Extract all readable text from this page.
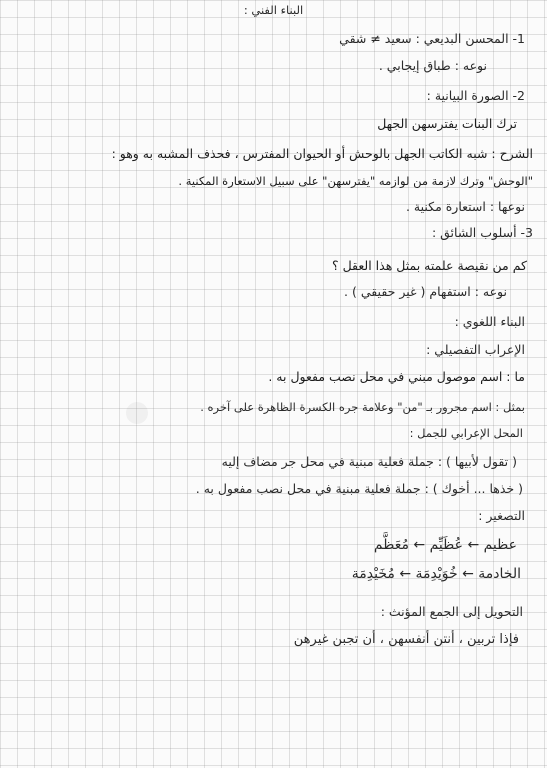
البناء الفني :
1- المحسن البديعي : سعيد ≠ شقي
نوعه : طباق إيجابي .
2- الصورة البيانية :
ترك البنات يفترسهن الجهل
الشرح : شبه الكاتب الجهل بالوحش أو الحيوان المفترس ، فحذف المشبه به وهو :
"الوحش" وترك لازمة من لوازمه "يفترسهن" على سبيل الاستعارة المكنية .
نوعها : استعارة مكنية .
3- أسلوب الشائق :
كم من نقيصة علمته بمثل هذا العقل ؟
نوعه : استفهام ( غير حقيقي ) .
البناء اللغوي :
الإعراب التفصيلي :
ما : اسم موصول مبني في محل نصب مفعول به .
بمثل : اسم مجرور بـ "من" وعلامة جره الكسرة الظاهرة على آخره .
المحل الإعرابي للجمل :
( تقول لأبيها ) : جملة فعلية مبنية في محل جر مضاف إليه
( خذها ... أخوك ) : جملة فعلية مبنية في محل نصب مفعول به .
التصغير :
عظيم ← عُظَيِّم ← مُعَظَّم
الخادمة ← خُوَيْدِمَة ← مُخَيْدِمَة
التحويل إلى الجمع المؤنث :
فإذا تربين ، أنتن أنفسهن ، أن تجبن غيرهن
